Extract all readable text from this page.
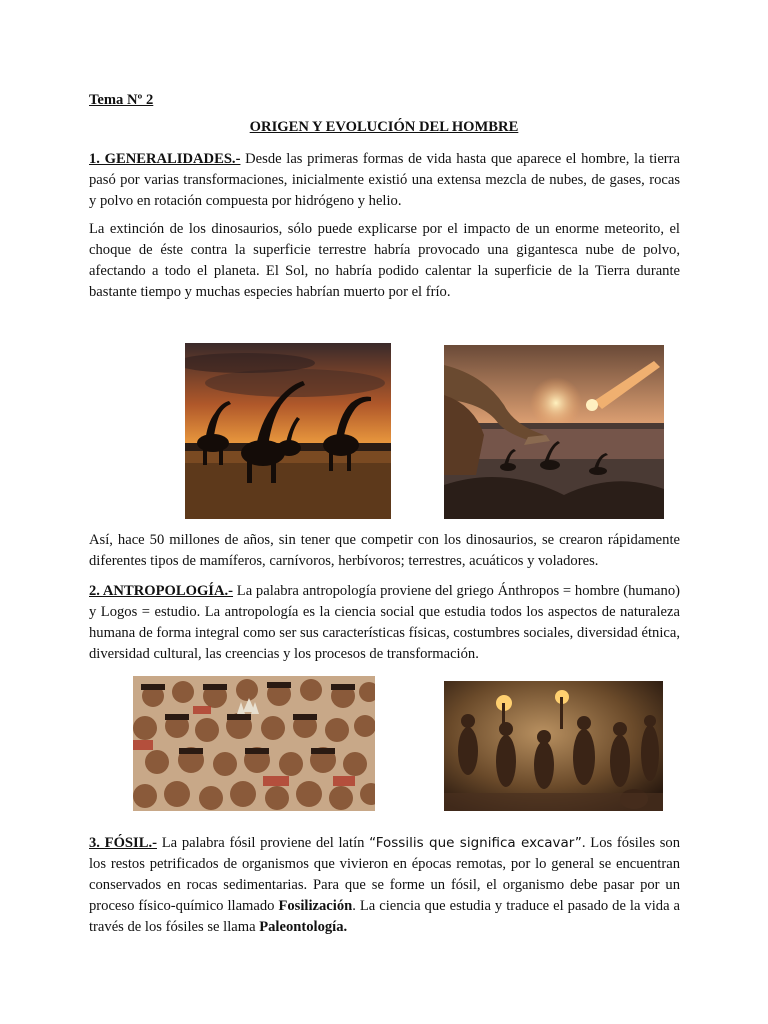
Tema Nº 2
ORIGEN Y EVOLUCIÓN DEL HOMBRE

1. GENERALIDADES.- Desde las primeras formas de vida hasta que aparece el hombre, la tierra pasó por varias transformaciones, inicialmente existió una extensa mezcla de nubes, de gases, rocas y polvo en rotación compuesta por hidrógeno y helio.

La extinción de los dinosaurios, sólo puede explicarse por el impacto de un enorme meteorito, el choque de éste contra la superficie terrestre habría provocado una gigantesca nube de polvo, afectando a todo el planeta. El Sol, no habría podido calentar la superficie de la Tierra durante bastante tiempo y muchas especies habrían muerto por el frío.

Así, hace 50 millones de años, sin tener que competir con los dinosaurios, se crearon rápidamente diferentes tipos de mamíferos, carnívoros, herbívoros; terrestres, acuáticos y voladores.

2. ANTROPOLOGÍA.- La palabra antropología proviene del griego Ánthropos = hombre (humano) y Logos = estudio. La antropología es la ciencia social que estudia todos los aspectos de naturaleza humana de forma integral como ser sus características físicas, costumbres sociales, diversidad étnica, diversidad cultural, las creencias y los procesos de transformación.

3. FÓSIL.- La palabra fósil proviene del latín “Fossilis que significa excavar”. Los fósiles son los restos petrificados de organismos que vivieron en épocas remotas, por lo general se encuentran conservados en rocas sedimentarias. Para que se forme un fósil, el organismo debe pasar por un proceso físico-químico llamado Fosilización. La ciencia que estudia y traduce el pasado de la vida a través de los fósiles se llama Paleontología.
